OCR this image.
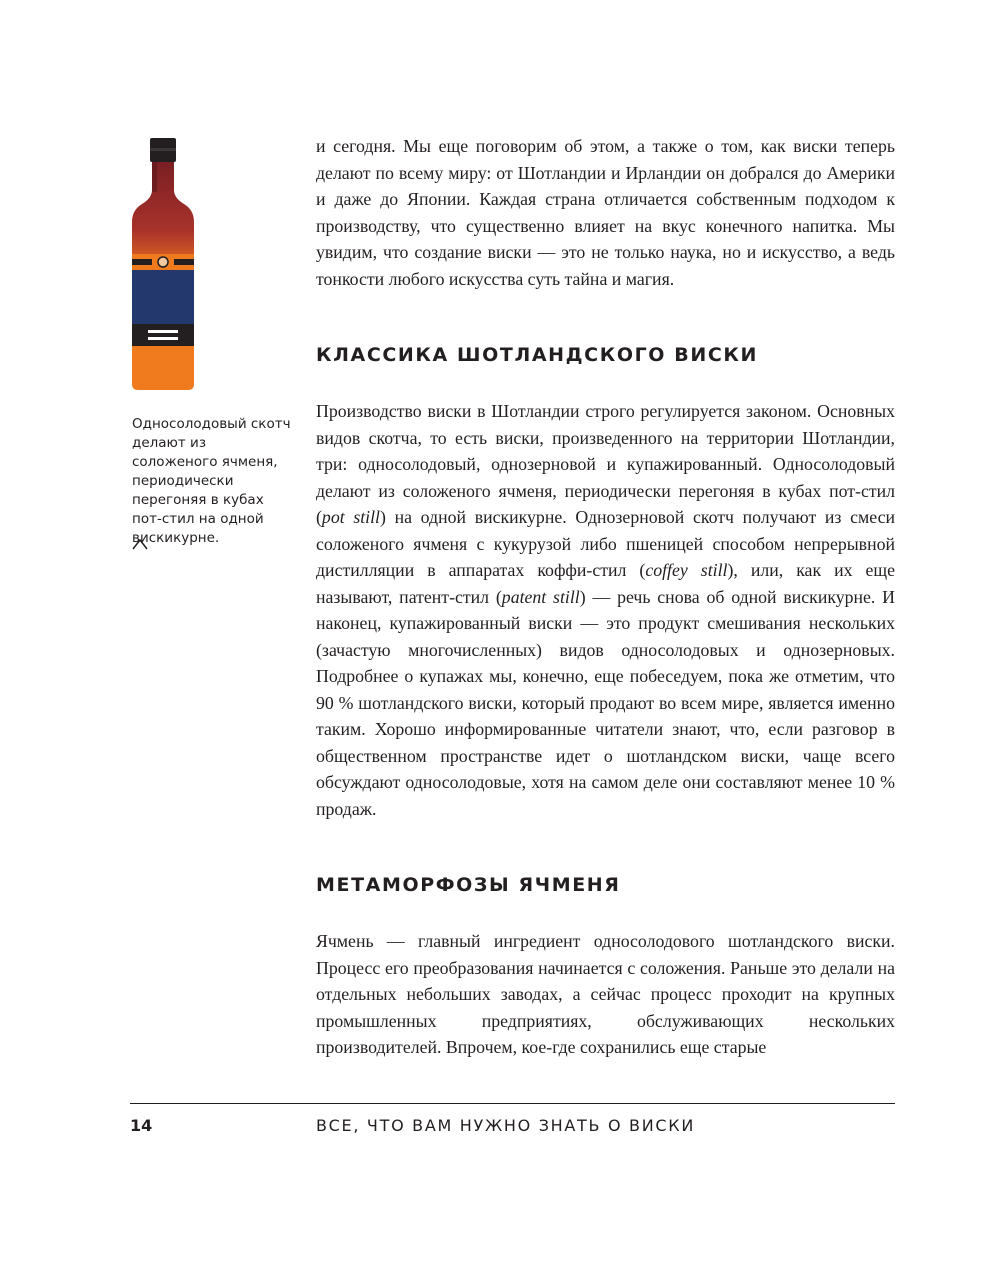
Односолодовый скотч делают из соложеного ячменя, периодически перегоняя в кубах пот-стил на одной вискикурне.

и сегодня. Мы еще поговорим об этом, а также о том, как виски теперь делают по всему миру: от Шотландии и Ирландии он добрался до Америки и даже до Японии. Каждая страна отличается собственным подходом к производству, что существенно влияет на вкус конечного напитка. Мы увидим, что создание виски — это не только наука, но и искусство, а ведь тонкости любого искусства суть тайна и магия.

КЛАССИКА ШОТЛАНДСКОГО ВИСКИ

Производство виски в Шотландии строго регулируется законом. Основных видов скотча, то есть виски, произведенного на территории Шотландии, три: односолодовый, однозерновой и купажированный. Односолодовый делают из соложеного ячменя, периодически перегоняя в кубах пот-стил (pot still) на одной вискикурне. Однозерновой скотч получают из смеси соложеного ячменя с кукурузой либо пшеницей способом непрерывной дистилляции в аппаратах коффи-стил (coffey still), или, как их еще называют, патент-стил (patent still) — речь снова об одной вискикурне. И наконец, купажированный виски — это продукт смешивания нескольких (зачастую многочисленных) видов односолодовых и однозерновых. Подробнее о купажах мы, конечно, еще побеседуем, пока же отметим, что 90 % шотландского виски, который продают во всем мире, является именно таким. Хорошо информированные читатели знают, что, если разговор в общественном пространстве идет о шотландском виски, чаще всего обсуждают односолодовые, хотя на самом деле они составляют менее 10 % продаж.

МЕТАМОРФОЗЫ ЯЧМЕНЯ

Ячмень — главный ингредиент односолодового шотландского виски. Процесс его преобразования начинается с соложения. Раньше это делали на отдельных небольших заводах, а сейчас процесс проходит на крупных промышленных предприятиях, обслуживающих нескольких производителей. Впрочем, кое-где сохранились еще старые

14	ВСЕ, ЧТО ВАМ НУЖНО ЗНАТЬ О ВИСКИ
